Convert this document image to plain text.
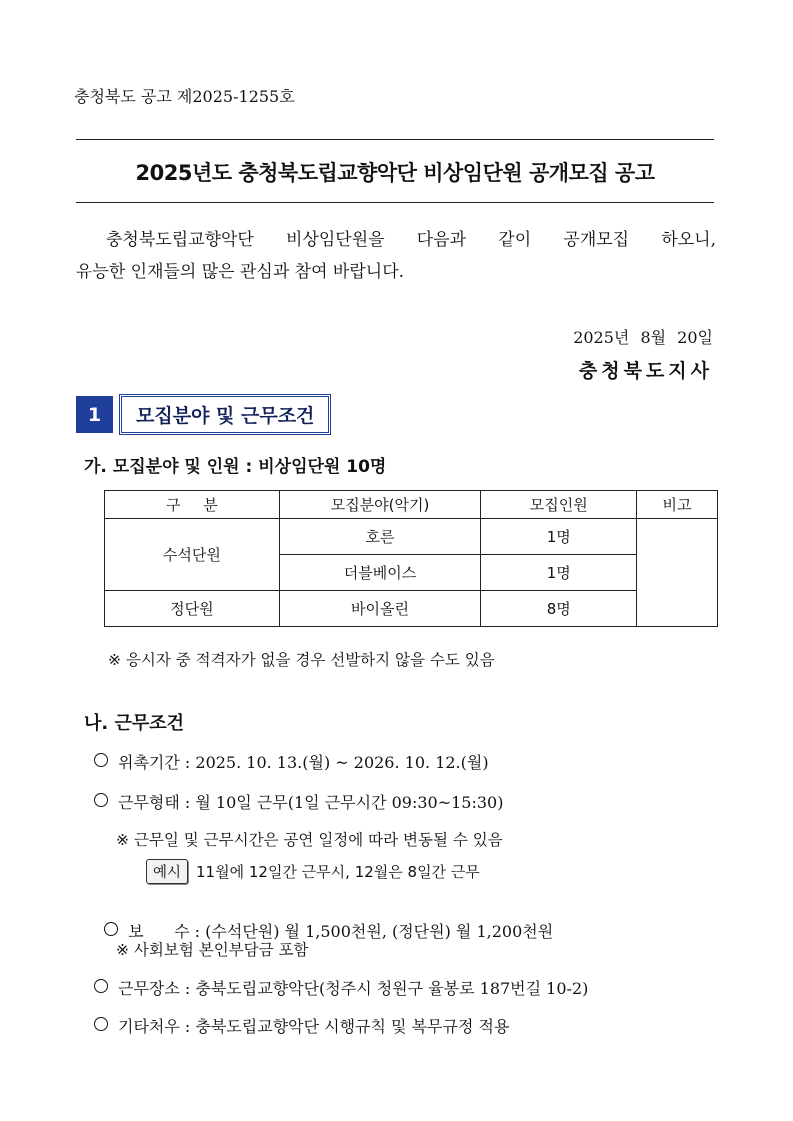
충청북도 공고 제2025-1255호
2025년도 충청북도립교향악단 비상임단원 공개모집 공고
충청북도립교향악단 비상임단원을 다음과 같이 공개모집 하오니,
유능한 인재들의 많은 관심과 참여 바랍니다.
2025년 8월 20일
충청북도지사
1	모집분야 및 근무조건
가. 모집분야 및 인원 : 비상임단원 10명
구 분	모집분야(악기)	모집인원	비고
수석단원	호른	1명	
	더블베이스	1명	
정단원	바이올린	8명	
※ 응시자 중 적격자가 없을 경우 선발하지 않을 수도 있음
나. 근무조건
위촉기간 : 2025. 10. 13.(월) ~ 2026. 10. 12.(월)
근무형태 : 월 10일 근무(1일 근무시간 09:30~15:30)
※ 근무일 및 근무시간은 공연 일정에 따라 변동될 수 있음
예시 11월에 12일간 근무시, 12월은 8일간 근무

보      수 : (수석단원) 월 1,500천원, (정단원) 월 1,200천원

※ 사회보험 본인부담금 포함
근무장소 : 충북도립교향악단(청주시 청원구 율봉로 187번길 10-2)
기타처우 : 충북도립교향악단 시행규칙 및 복무규정 적용
